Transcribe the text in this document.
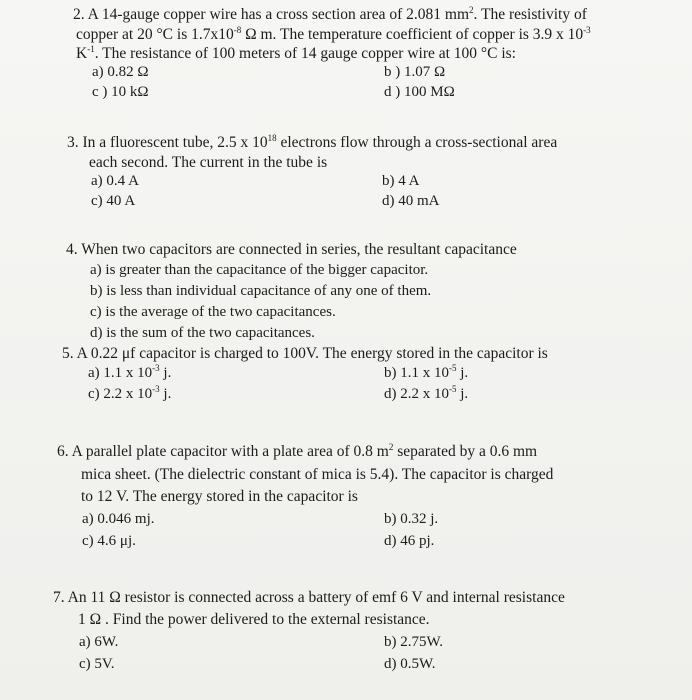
2. A 14-gauge copper wire has a cross section area of 2.081 $mm^2$. The resistivity of
copper at 20 °C is $1.7x10^{-8}$ Ω m. The temperature coefficient of copper is 3.9 x $10^{-3}$
$K^{-1}$. The resistance of 100 meters of 14 gauge copper wire at 100 °C is:
a) 0.82 Ω	b ) 1.07 Ω
c ) 10 kΩ	d ) 100 MΩ
3. In a fluorescent tube, 2.5 x $10^{18}$ electrons flow through a cross-sectional area
each second. The current in the tube is
a) 0.4 A	b) 4 A
c) 40 A	d) 40 mA
4. When two capacitors are connected in series, the resultant capacitance
a) is greater than the capacitance of the bigger capacitor.
b) is less than individual capacitance of any one of them.
c) is the average of the two capacitances.
d) is the sum of the two capacitances.
5. A 0.22 μf capacitor is charged to 100V. The energy stored in the capacitor is
a) 1.1 x $10^{-3}$ j.	b) 1.1 x $10^{-5}$ j.
c) 2.2 x $10^{-3}$ j.	d) 2.2 x $10^{-5}$ j.
6. A parallel plate capacitor with a plate area of 0.8 $m^2$ separated by a 0.6 mm
mica sheet. (The dielectric constant of mica is 5.4). The capacitor is charged
to 12 V. The energy stored in the capacitor is
a) 0.046 mj.	b) 0.32 j.
c) 4.6 μj.	d) 46 pj.
7. An 11 Ω resistor is connected across a battery of emf 6 V and internal resistance
1 Ω . Find the power delivered to the external resistance.
a) 6W.	b) 2.75W.
c) 5V.	d) 0.5W.
